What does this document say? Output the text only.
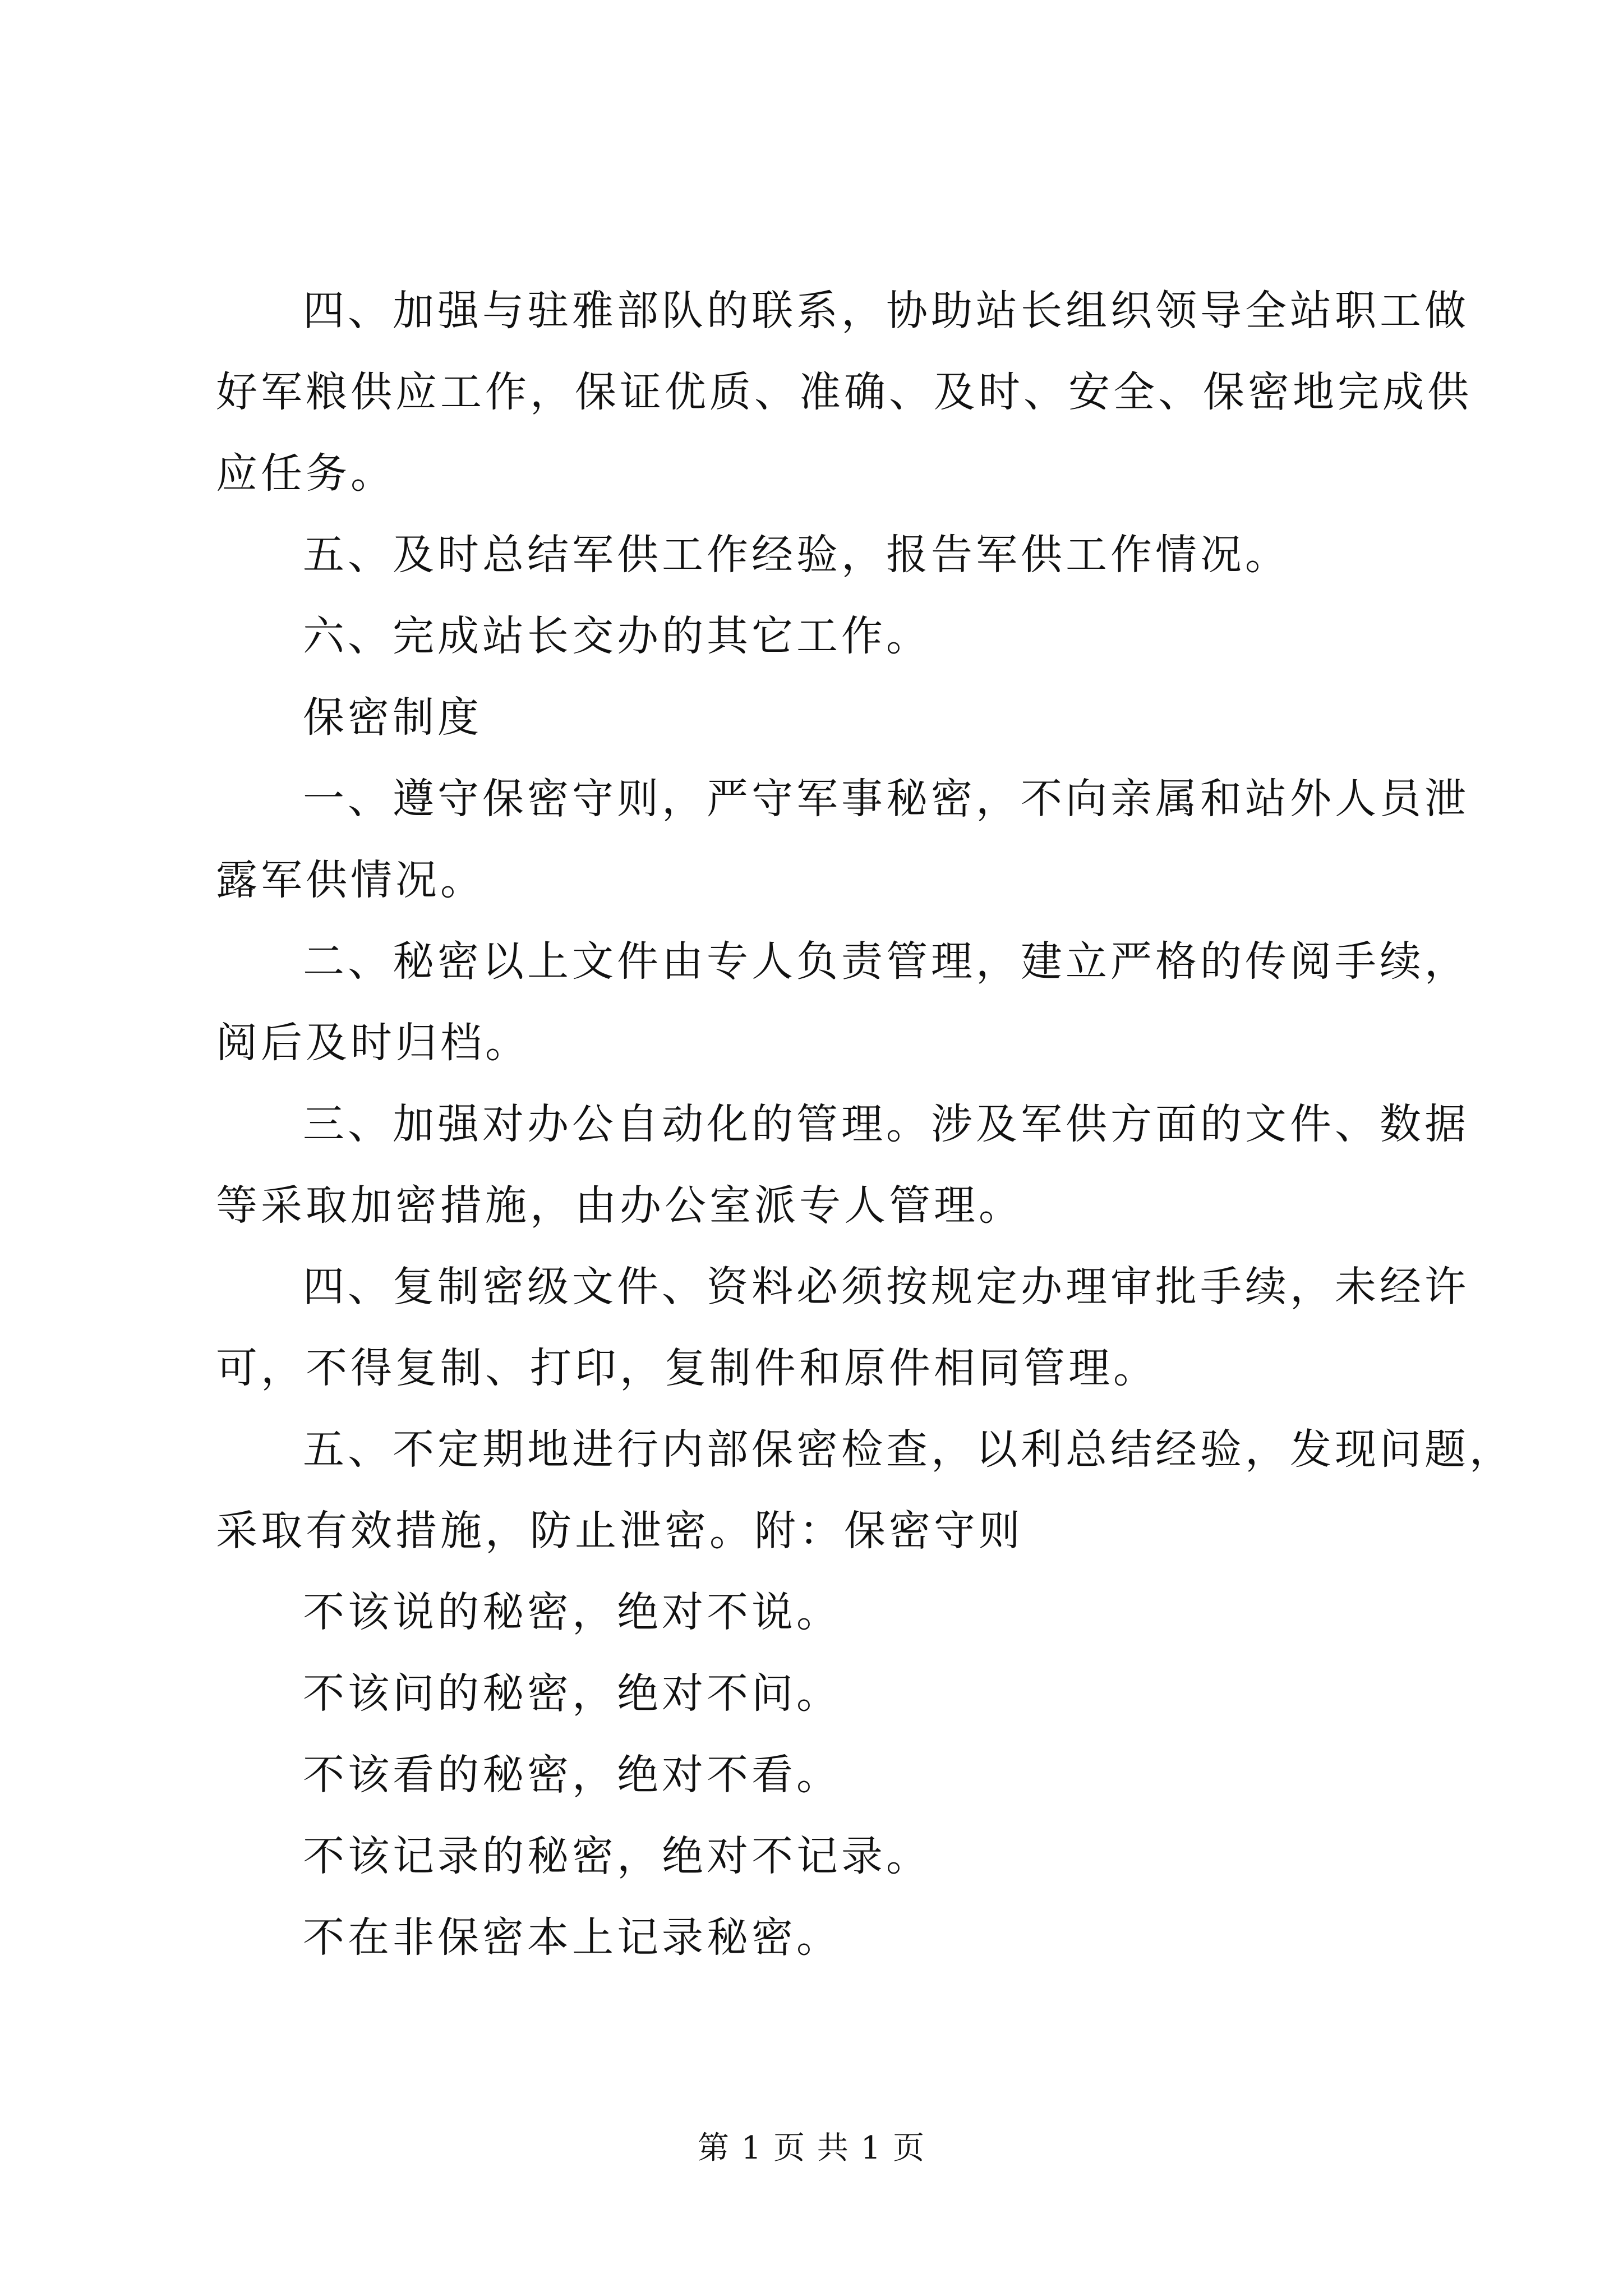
四、加强与驻雅部队的联系，协助站长组织领导全站职工做

好军粮供应工作，保证优质、准确、及时、安全、保密地完成供

应任务。

五、及时总结军供工作经验，报告军供工作情况。

六、完成站长交办的其它工作。

保密制度

一、遵守保密守则，严守军事秘密，不向亲属和站外人员泄

露军供情况。

二、秘密以上文件由专人负责管理，建立严格的传阅手续，

阅后及时归档。

三、加强对办公自动化的管理。涉及军供方面的文件、数据

等采取加密措施，由办公室派专人管理。

四、复制密级文件、资料必须按规定办理审批手续，未经许

可，不得复制、打印，复制件和原件相同管理。

五、不定期地进行内部保密检查，以利总结经验，发现问题，

采取有效措施，防止泄密。附：保密守则

不该说的秘密，绝对不说。

不该问的秘密，绝对不问。

不该看的秘密，绝对不看。

不该记录的秘密，绝对不记录。

不在非保密本上记录秘密。

第 1 页 共 1 页
